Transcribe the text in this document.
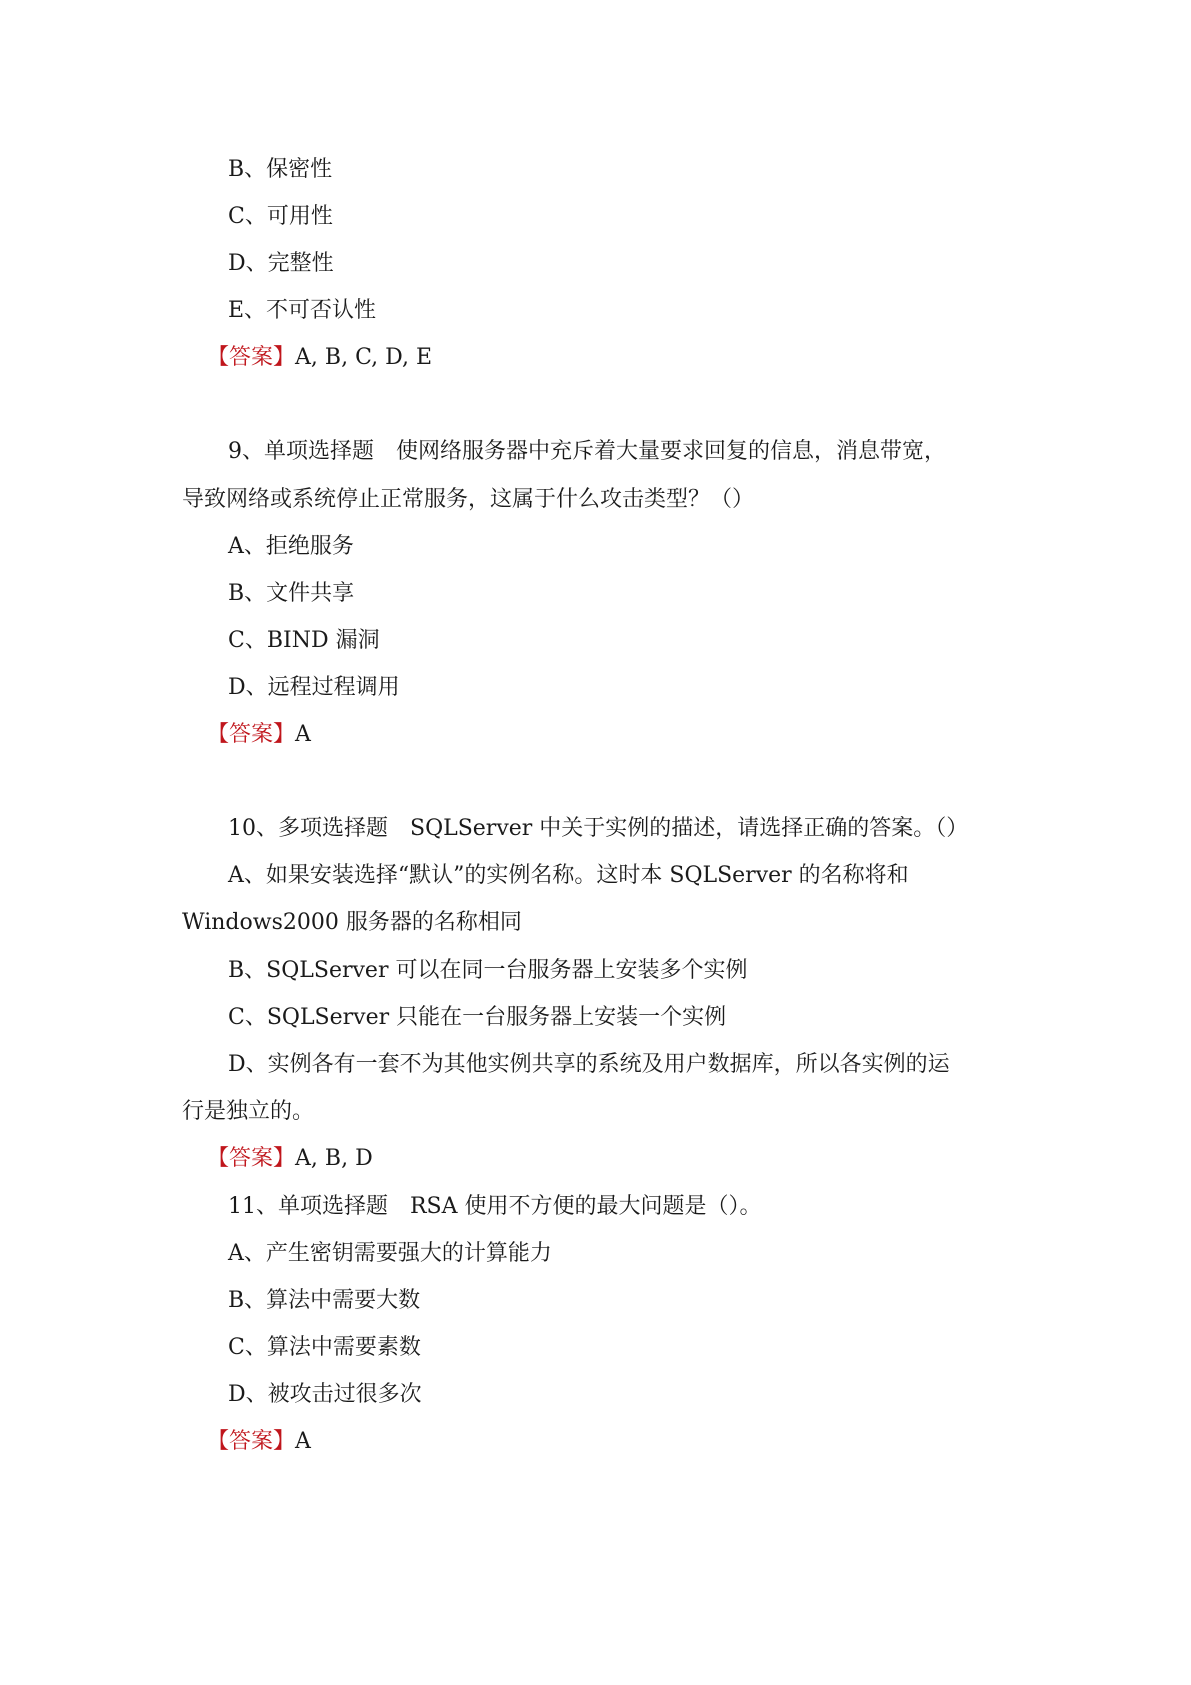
B、保密性
C、可用性
D、完整性
E、不可否认性
【答案】A, B, C, D, E
9、单项选择题　使网络服务器中充斥着大量要求回复的信息，消息带宽，
导致网络或系统停止正常服务，这属于什么攻击类型？（）
A、拒绝服务
B、文件共享
C、BIND 漏洞
D、远程过程调用
【答案】A
10、多项选择题　SQLServer 中关于实例的描述，请选择正确的答案。（）
A、如果安装选择“默认”的实例名称。这时本 SQLServer 的名称将和
Windows2000 服务器的名称相同
B、SQLServer 可以在同一台服务器上安装多个实例
C、SQLServer 只能在一台服务器上安装一个实例
D、实例各有一套不为其他实例共享的系统及用户数据库，所以各实例的运
行是独立的。
【答案】A, B, D
11、单项选择题　RSA 使用不方便的最大问题是（）。
A、产生密钥需要强大的计算能力
B、算法中需要大数
C、算法中需要素数
D、被攻击过很多次
【答案】A
